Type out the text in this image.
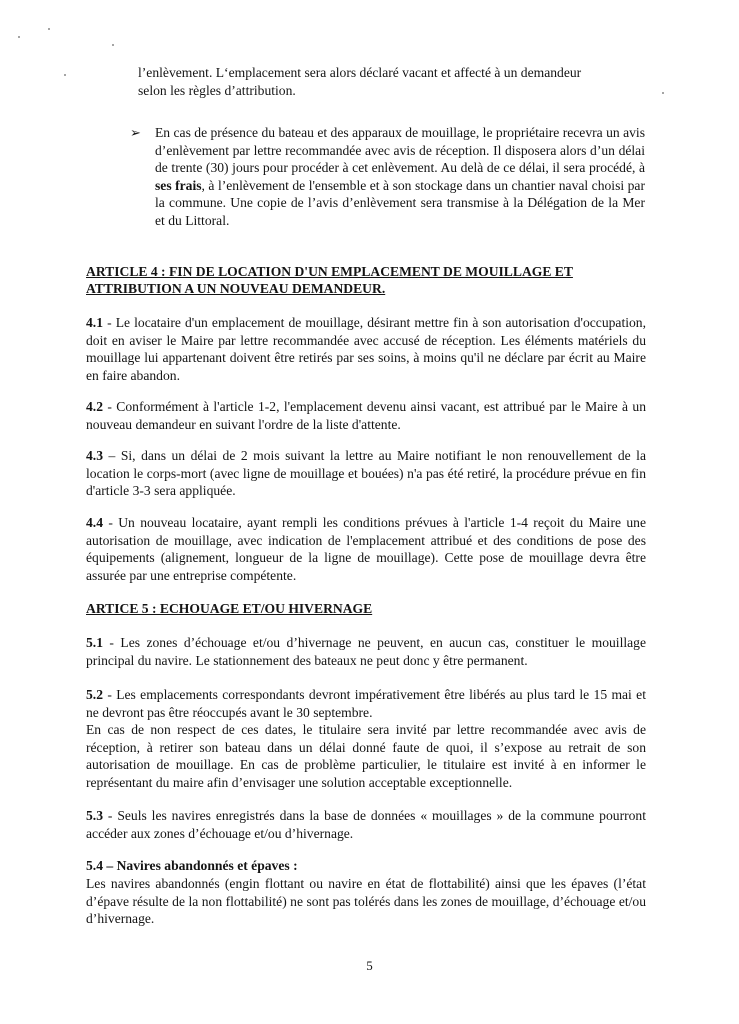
l’enlèvement. L‘emplacement sera alors déclaré vacant et affecté à un demandeur

selon les règles d’attribution.

➢ En cas de présence du bateau et des apparaux de mouillage, le propriétaire recevra un avis d’enlèvement par lettre recommandée avec avis de réception. Il disposera alors d’un délai de trente (30) jours pour procéder à cet enlèvement. Au delà de ce délai, il sera procédé, à ses frais, à l’enlèvement de l'ensemble et à son stockage dans un chantier naval choisi par la commune. Une copie de l’avis d’enlèvement sera transmise à la Délégation de la Mer et du Littoral.

ARTICLE 4 : FIN DE LOCATION D'UN EMPLACEMENT DE MOUILLAGE ET

ATTRIBUTION A UN NOUVEAU DEMANDEUR.

4.1 - Le locataire d'un emplacement de mouillage, désirant mettre fin à son autorisation d'occupation, doit en aviser le Maire par lettre recommandée avec accusé de réception. Les éléments matériels du mouillage lui appartenant doivent être retirés par ses soins, à moins qu'il ne déclare par écrit au Maire en faire abandon.

4.2 - Conformément à l'article 1-2, l'emplacement devenu ainsi vacant, est attribué par le Maire à un nouveau demandeur en suivant l'ordre de la liste d'attente.

4.3 – Si, dans un délai de 2 mois suivant la lettre au Maire notifiant le non renouvellement de la location le corps-mort (avec ligne de mouillage et bouées) n'a pas été retiré, la procédure prévue en fin d'article 3-3 sera appliquée.

4.4 - Un nouveau locataire, ayant rempli les conditions prévues à l'article 1-4 reçoit du Maire une autorisation de mouillage, avec indication de l'emplacement attribué et des conditions de pose des équipements (alignement, longueur de la ligne de mouillage). Cette pose de mouillage devra être assurée par une entreprise compétente.

ARTICE 5 : ECHOUAGE ET/OU HIVERNAGE

5.1 - Les zones d’échouage et/ou d’hivernage ne peuvent, en aucun cas, constituer le mouillage principal du navire. Le stationnement des bateaux ne peut donc y être permanent.

5.2 - Les emplacements correspondants devront impérativement être libérés au plus tard le 15 mai et ne devront pas être réoccupés avant le 30 septembre.

En cas de non respect de ces dates, le titulaire sera invité par lettre recommandée avec avis de réception, à retirer son bateau dans un délai donné faute de quoi, il s’expose au retrait de son autorisation de mouillage. En cas de problème particulier, le titulaire est invité à en informer le représentant du maire afin d’envisager une solution acceptable exceptionnelle.

5.3 - Seuls les navires enregistrés dans la base de données « mouillages » de la commune pourront accéder aux zones d’échouage et/ou d’hivernage.

5.4 – Navires abandonnés et épaves :

Les navires abandonnés (engin flottant ou navire en état de flottabilité) ainsi que les épaves (l’état d’épave résulte de la non flottabilité) ne sont pas tolérés dans les zones de mouillage, d’échouage et/ou d’hivernage.

5
